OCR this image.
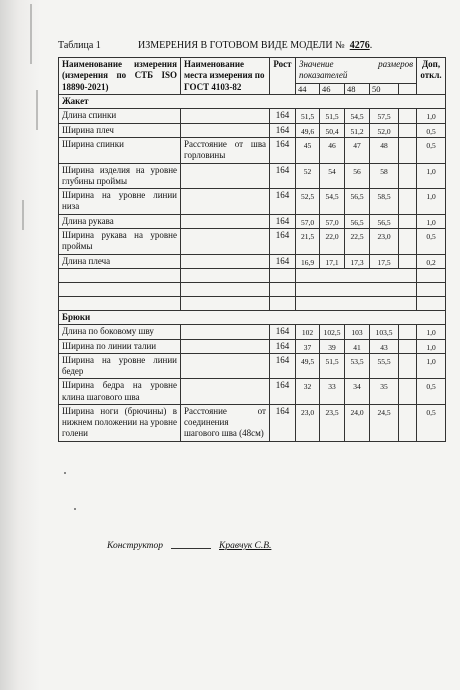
Таблица 1	ИЗМЕРЕНИЯ В ГОТОВОМ ВИДЕ МОДЕЛИ № 4276.
Наименование измерения (измерения по СТБ ISO 18890-2021)	Наименование места измерения по ГОСТ 4103-82	Рост	Значение размеров показателей					Доп, откл.
			44	46	48	50		
Жакет								
Длина спинки		164	51,5	51,5	54,5	57,5		1,0
Ширина плеч		164	49,6	50,4	51,2	52,0		0,5
Ширина спинки	Расстояние от шва горловины	164	45	46	47	48		0,5
Ширина изделия на уровне глубины проймы		164	52	54	56	58		1,0
Ширина на уровне линии низа		164	52,5	54,5	56,5	58,5		1,0
Длина рукава		164	57,0	57,0	56,5	56,5		1,0
Ширина рукава на уровне проймы		164	21,5	22,0	22,5	23,0		0,5
Длина плеча		164	16,9	17,1	17,3	17,5		0,2

Брюки								
Длина по боковому шву		164	102	102,5	103	103,5		1,0
Ширина по линии талии		164	37	39	41	43		1,0
Ширина на уровне линии бедер		164	49,5	51,5	53,5	55,5		1,0
Ширина бедра на уровне клина шагового шва		164	32	33	34	35		0,5
Ширина ноги (брючины) в нижнем положении на уровне голени	Расстояние от соединения шагового шва (48см)	164	23,0	23,5	24,0	24,5		0,5
Конструктор	Кравчук С.В.
